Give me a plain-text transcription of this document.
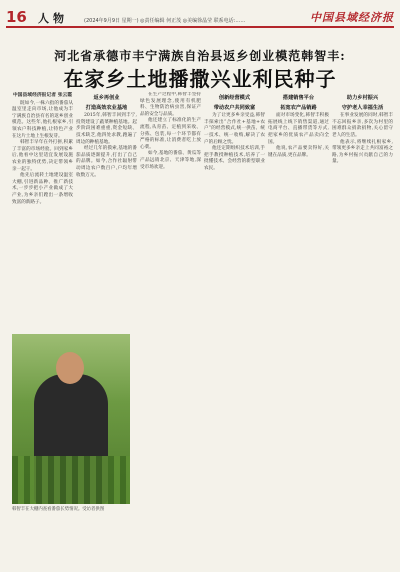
16	人物	(2024年9月9日 星期一) ◎责任编辑 何正茂 ◎美编徐晶莹 联系电话:……	中国县域经济报
河北省承德市丰宁满族自治县返乡创业模范韩智丰:
在家乡土地播撒兴业利民种子
中国县域经济报记者 张云霞
既如今,一株六指的番茄从温室里走向市场,让他成为丰宁满族自治县有名的返乡创业模范。这些年,他扎根家乡,引领农户科技种植,让特色产业在这片土地上生根发芽。
韩智丰早年在外打拼,积累了丰富的市场经验。回到家乡后,他看中这里适宜发展设施农业的独特优势,决定带领乡亲一起干。
他先后流转土地建设温室大棚,引进新品种、推广新技术,一步步把小产业做成了大产业,为乡亲们蹚出一条增收致富的新路子。
返乡再创业
打造高效农业基地
2015年,韩智丰回到丰宁,投资建设了蔬菜种植基地。起步阶段困难重重,资金短缺、技术缺乏,他四处求教,跑遍了周边的种植基地。
经过几年的摸索,基地的番茄品质逐渐提升,打出了自己的品牌。如今,合作社辐射带动周边农户数百户,户均年增收数万元。
在生产过程中,韩智丰坚持绿色发展理念,使用有机肥料、生物防治病虫害,保证产品的安全与品质。
他还建立了标准化的生产流程,从育苗、定植到采收、分拣、包装,每一个环节都有严格的标准,让消费者吃上放心菜。
如今,基地的番茄、黄瓜等产品远销北京、天津等地,深受市场欢迎。
创新经营模式
带动农户共同致富
为了让更多乡亲受益,韩智丰探索出“合作社+基地+农户”的经营模式,统一供苗、统一技术、统一收购,解决了农户的后顾之忧。
他还定期组织技术培训,手把手教授种植技术,培养了一批懂技术、会经营的新型职业农民。
搭建销售平台
拓宽农产品销路
面对市场变化,韩智丰积极拓展线上线下销售渠道,通过电商平台、直播带货等方式,把家乡的优质农产品卖向全国。
他说,农产品要卖得好,关键在品质,更在品牌。
助力乡村振兴
守护老人幸福生活
在事业发展的同时,韩智丰不忘回报乡亲,多次为村里的困难群众捐款捐物,关心留守老人的生活。
他表示,将继续扎根家乡,带领更多乡亲走上共同富裕之路,为乡村振兴贡献自己的力量。
韩智丰在大棚内查看番茄长势情况。受访者供图
